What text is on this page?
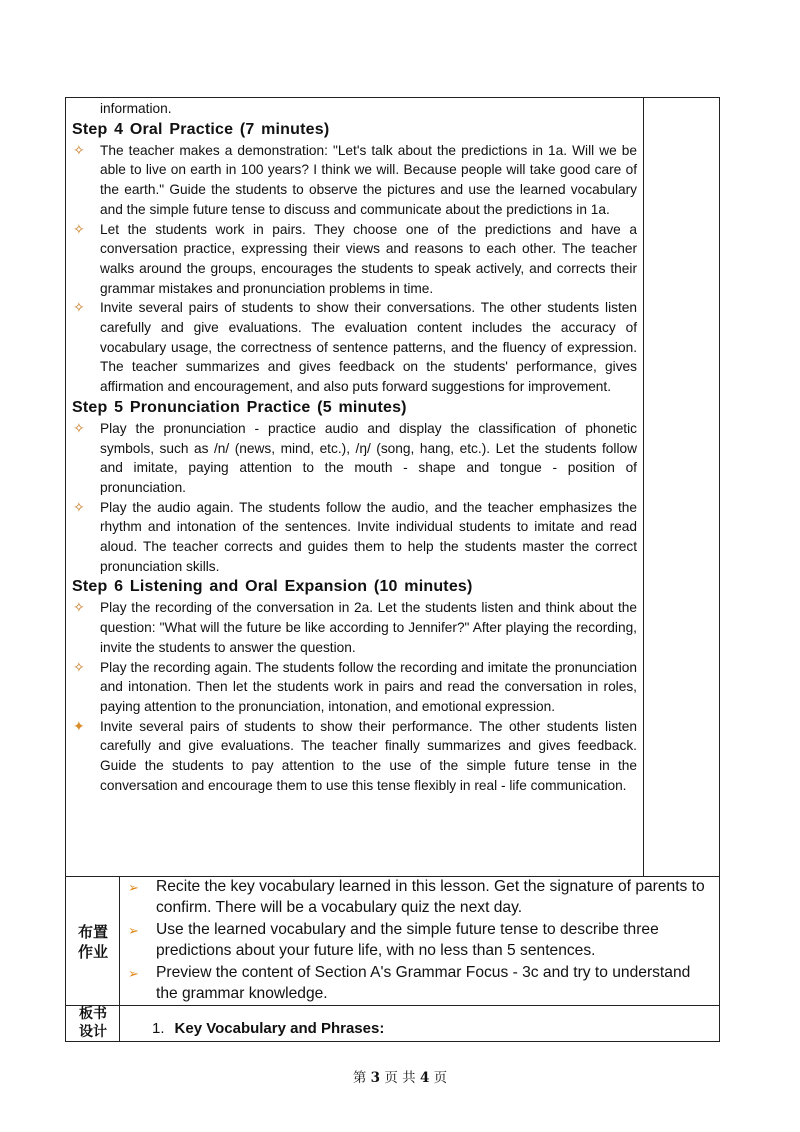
information.

Step 4 Oral Practice (7 minutes)

✧ The teacher makes a demonstration: "Let's talk about the predictions in 1a. Will we be able to live on earth in 100 years? I think we will. Because people will take good care of the earth." Guide the students to observe the pictures and use the learned vocabulary and the simple future tense to discuss and communicate about the predictions in 1a.

✧ Let the students work in pairs. They choose one of the predictions and have a conversation practice, expressing their views and reasons to each other. The teacher walks around the groups, encourages the students to speak actively, and corrects their grammar mistakes and pronunciation problems in time.

✧ Invite several pairs of students to show their conversations. The other students listen carefully and give evaluations. The evaluation content includes the accuracy of vocabulary usage, the correctness of sentence patterns, and the fluency of expression. The teacher summarizes and gives feedback on the students' performance, gives affirmation and encouragement, and also puts forward suggestions for improvement.

Step 5 Pronunciation Practice (5 minutes)

✧ Play the pronunciation - practice audio and display the classification of phonetic symbols, such as /n/ (news, mind, etc.), /ŋ/ (song, hang, etc.). Let the students follow and imitate, paying attention to the mouth - shape and tongue - position of pronunciation.

✧ Play the audio again. The students follow the audio, and the teacher emphasizes the rhythm and intonation of the sentences. Invite individual students to imitate and read aloud. The teacher corrects and guides them to help the students master the correct pronunciation skills.

Step 6 Listening and Oral Expansion (10 minutes)

✧ Play the recording of the conversation in 2a. Let the students listen and think about the question: "What will the future be like according to Jennifer?" After playing the recording, invite the students to answer the question.

✧ Play the recording again. The students follow the recording and imitate the pronunciation and intonation. Then let the students work in pairs and read the conversation in roles, paying attention to the pronunciation, intonation, and emotional expression.

✦ Invite several pairs of students to show their performance. The other students listen carefully and give evaluations. The teacher finally summarizes and gives feedback. Guide the students to pay attention to the use of the simple future tense in the conversation and encourage them to use this tense flexibly in real - life communication.

布置
作业
➢ Recite the key vocabulary learned in this lesson. Get the signature of parents to confirm. There will be a vocabulary quiz the next day.
➢ Use the learned vocabulary and the simple future tense to describe three predictions about your future life, with no less than 5 sentences.
➢ Preview the content of Section A's Grammar Focus - 3c and try to understand the grammar knowledge.
板书
设计	1. Key Vocabulary and Phrases:
第 3 页 共 4 页
